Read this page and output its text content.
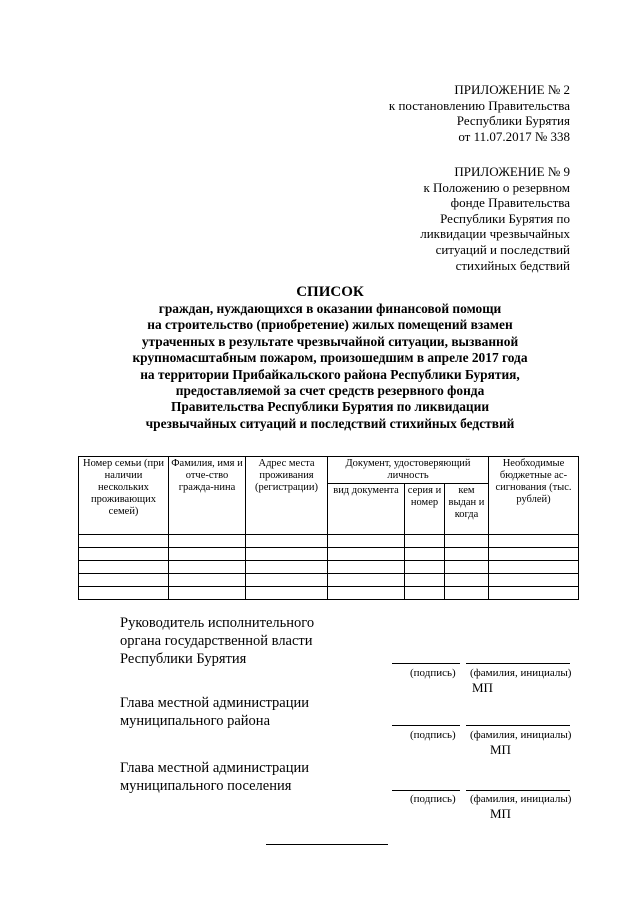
ПРИЛОЖЕНИЕ № 2
к постановлению Правительства
Республики Бурятия
от 11.07.2017 № 338
ПРИЛОЖЕНИЕ № 9
к Положению о резервном
фонде Правительства
Республики Бурятия по
ликвидации чрезвычайных
ситуаций и последствий
стихийных бедствий
СПИСОК
граждан, нуждающихся в оказании финансовой помощи
на строительство (приобретение) жилых помещений взамен
утраченных в результате чрезвычайной ситуации, вызванной
крупномасштабным пожаром, произошедшим в апреле 2017 года
на территории Прибайкальского района Республики Бурятия,
предоставляемой за счет средств резервного фонда
Правительства Республики Бурятия по ликвидации
чрезвычайных ситуаций и последствий стихийных бедствий
Номер семьи (при наличии нескольких проживающих семей)	Фамилия, имя и отче-ство гражда-нина	Адрес места проживания (регистрации)	Документ, удостоверяющий личность			Необходимые бюджетные ас-сигнования (тыс. рублей)
			вид документа	серия и номер	кем выдан и когда	

Руководитель исполнительного
органа государственной власти
Республики Бурятия
(подпись) (фамилия, инициалы)
МП
Глава местной администрации
муниципального района
(подпись) (фамилия, инициалы)
МП
Глава местной администрации
муниципального поселения
(подпись) (фамилия, инициалы)
МП
